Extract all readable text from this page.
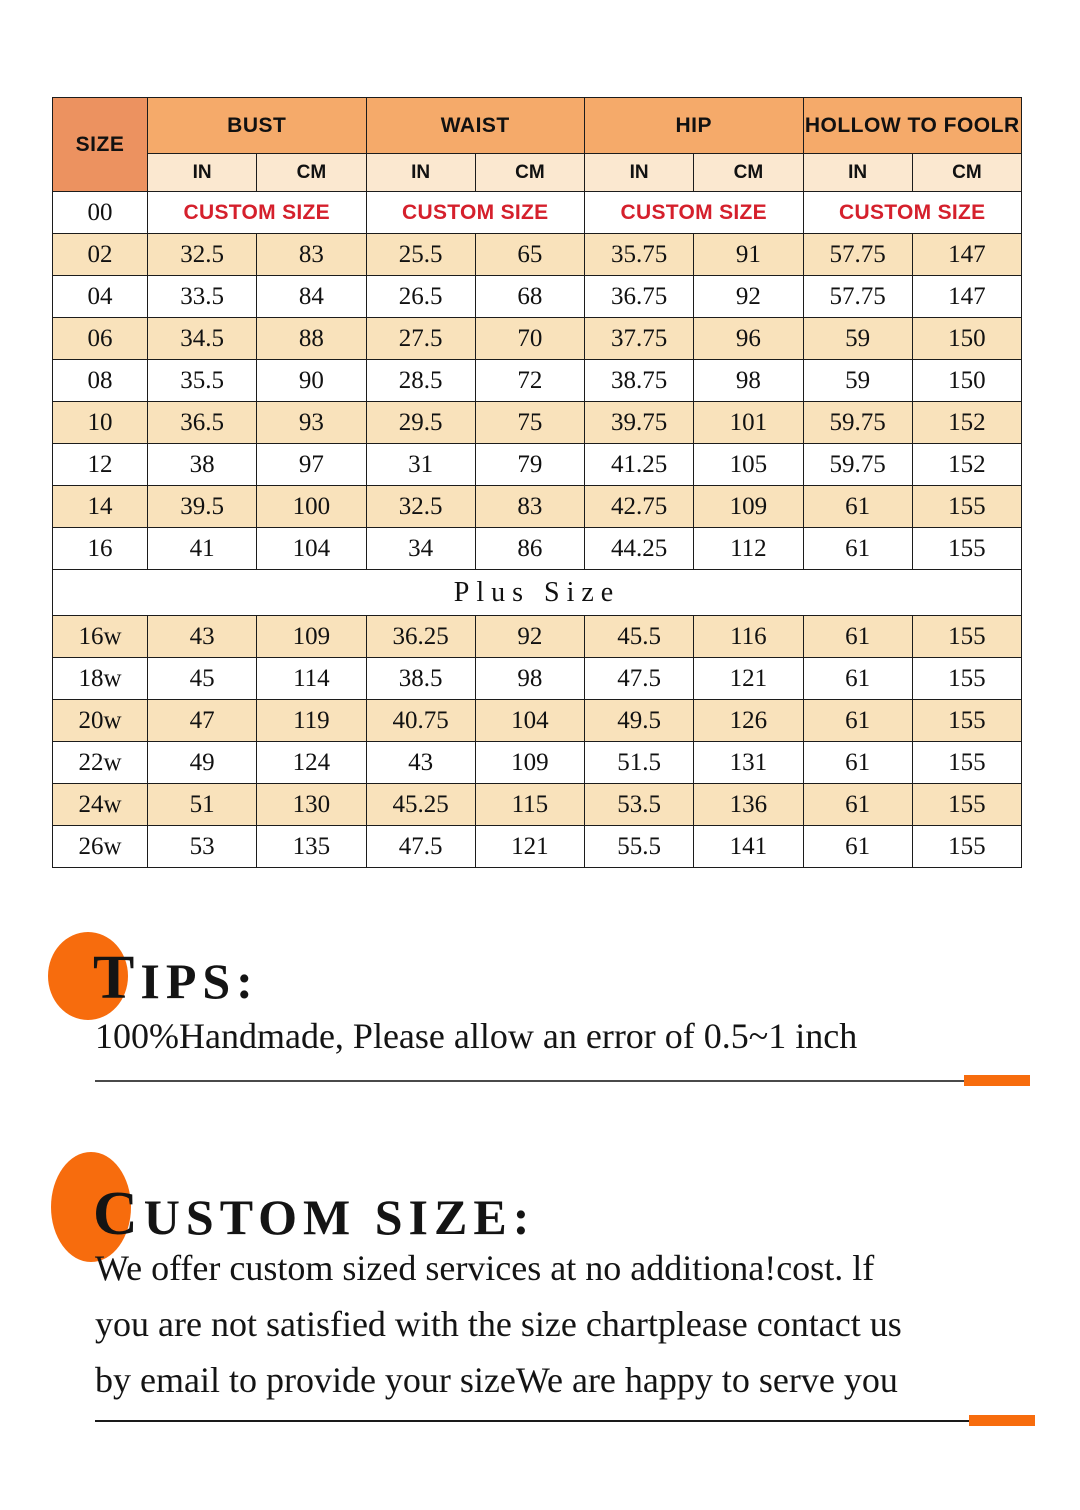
SIZE	BUST		WAIST		HIP		HOLLOW TO FOOLR	
	IN	CM	IN	CM	IN	CM	IN	CM
00	CUSTOM SIZE		CUSTOM SIZE		CUSTOM SIZE		CUSTOM SIZE	
02	32.5	83	25.5	65	35.75	91	57.75	147
04	33.5	84	26.5	68	36.75	92	57.75	147
06	34.5	88	27.5	70	37.75	96	59	150
08	35.5	90	28.5	72	38.75	98	59	150
10	36.5	93	29.5	75	39.75	101	59.75	152
12	38	97	31	79	41.25	105	59.75	152
14	39.5	100	32.5	83	42.75	109	61	155
16	41	104	34	86	44.25	112	61	155
Plus Size								
16w	43	109	36.25	92	45.5	116	61	155
18w	45	114	38.5	98	47.5	121	61	155
20w	47	119	40.75	104	49.5	126	61	155
22w	49	124	43	109	51.5	131	61	155
24w	51	130	45.25	115	53.5	136	61	155
26w	53	135	47.5	121	55.5	141	61	155
TIPS:

100%Handmade, Please allow an error of 0.5~1 inch

CUSTOM SIZE:
We offer custom sized services at no additiona!cost. lf
you are not satisfied with the size chartplease contact us
by email to provide your sizeWe are happy to serve you
